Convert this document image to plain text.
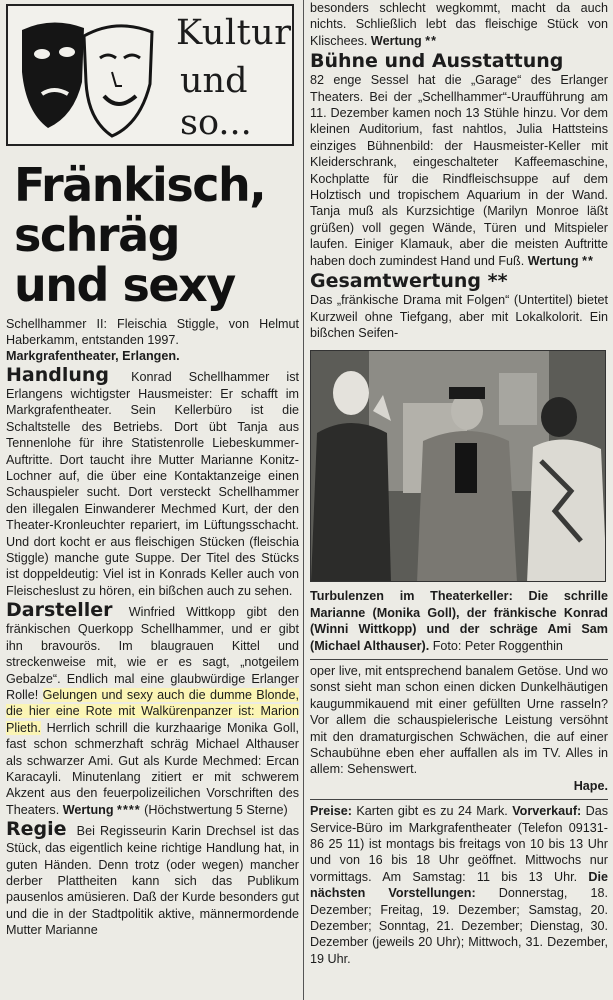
Kultur
und so...
Fränkisch,
schräg
und sexy

Schellhammer II: Fleischia Stiggle, von Helmut Haberkamm, entstanden 1997.

Markgrafentheater, Erlangen.

Handlung Konrad Schellhammer ist Erlangens wichtigster Hausmeister: Er schafft im Markgrafentheater. Sein Kellerbüro ist die Schaltstelle des Betriebs. Dort übt Tanja aus Tennenlohe für ihre Statistenrolle Liebeskummer-Auftritte. Dort taucht ihre Mutter Marianne Konitz-Lochner auf, die über eine Kontaktanzeige einen Schauspieler sucht. Dort versteckt Schellhammer den illegalen Einwanderer Mechmed Kurt, der den Theater-Kronleuchter repariert, im Lüftungsschacht. Und dort kocht er aus fleischigen Stücken (fleischia Stiggle) manche gute Suppe. Der Titel des Stücks ist doppeldeutig: Viel ist in Konrads Keller auch von Fleischeslust zu hören, ein bißchen auch zu sehen.

Darsteller Winfried Wittkopp gibt den fränkischen Querkopp Schellhammer, und er gibt ihn bravourös. Im blaugrauen Kittel und streckenweise mit, wie er es sagt, „notgeilem Gebalze“. Endlich mal eine glaubwürdige Erlanger Rolle! Gelungen und sexy auch die dumme Blonde, die hier eine Rote mit Walkürenpanzer ist: Marion Plieth. Herrlich schrill die kurzhaarige Monika Goll, fast schon schmerzhaft schräg Michael Althauser als schwarzer Ami. Gut als Kurde Mechmed: Ercan Karacayli. Minutenlang zitiert er mit schwerem Akzent aus den feuerpolizeilichen Vorschriften des Theaters. Wertung **** (Höchstwertung 5 Sterne)

Regie Bei Regisseurin Karin Drechsel ist das Stück, das eigentlich keine richtige Handlung hat, in guten Händen. Denn trotz (oder wegen) mancher derber Plattheiten kann sich das Publikum pausenlos amüsieren. Daß der Kurde besonders gut und die in der Stadtpolitik aktive, männermordende Mutter Marianne

besonders schlecht wegkommt, macht da auch nichts. Schließlich lebt das fleischige Stück von Klischees. Wertung **

Bühne und Ausstattung

82 enge Sessel hat die „Garage“ des Erlanger Theaters. Bei der „Schellhammer“-Uraufführung am 11. Dezember kamen noch 13 Stühle hinzu. Vor dem kleinen Auditorium, fast nahtlos, Julia Hattsteins einziges Bühnenbild: der Hausmeister-Keller mit Kleiderschrank, eingeschalteter Kaffeemaschine, Kochplatte für die Rindfleischsuppe auf dem Holztisch und tropischem Aquarium in der Wand. Tanja muß als Kurzsichtige (Marilyn Monroe läßt grüßen) voll gegen Wände, Türen und Mitspieler laufen. Einiger Klamauk, aber die meisten Auftritte haben doch zumindest Hand und Fuß. Wertung **

Gesamtwertung **

Das „fränkische Drama mit Folgen“ (Untertitel) bietet Kurzweil ohne Tiefgang, aber mit Lokalkolorit. Ein bißchen Seifen-

Turbulenzen im Theaterkeller: Die schrille Marianne (Monika Goll), der fränkische Konrad (Winni Wittkopp) und der schräge Ami Sam (Michael Althauser). Foto: Peter Roggenthin

oper live, mit entsprechend banalem Getöse. Und wo sonst sieht man schon einen dicken Dunkelhäutigen kaugummikauend mit einer gefüllten Urne rasseln? Vor allem die schauspielerische Leistung versöhnt mit den dramaturgischen Schwächen, die auf einer Schaubühne eben eher auffallen als im TV. Alles in allem: Sehenswert.

Hape.

Preise: Karten gibt es zu 24 Mark. Vorverkauf: Das Service-Büro im Markgrafentheater (Telefon 09131-86 25 11) ist montags bis freitags von 10 bis 13 Uhr und von 16 bis 18 Uhr geöffnet. Mittwochs nur vormittags. Am Samstag: 11 bis 13 Uhr. Die nächsten Vorstellungen: Donnerstag, 18. Dezember; Freitag, 19. Dezember; Samstag, 20. Dezember; Sonntag, 21. Dezember; Dienstag, 30. Dezember (jeweils 20 Uhr); Mittwoch, 31. Dezember, 19 Uhr.
